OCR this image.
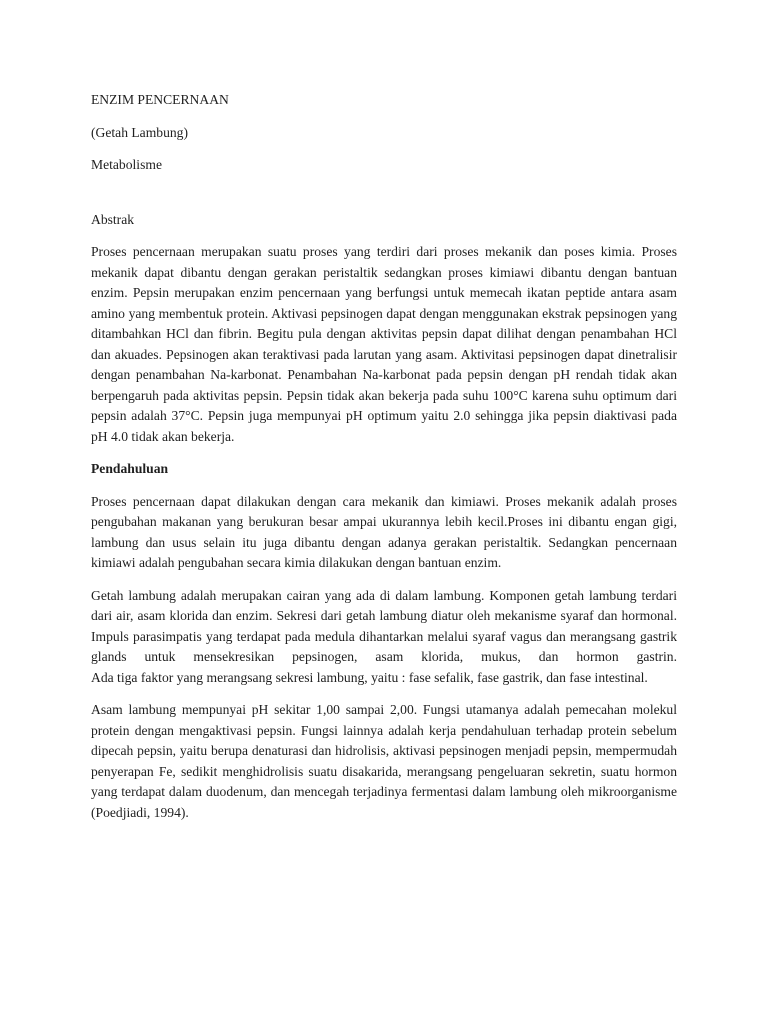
ENZIM PENCERNAAN
(Getah Lambung)
Metabolisme
Abstrak

Proses pencernaan merupakan suatu proses yang terdiri dari proses mekanik dan poses kimia. Proses mekanik dapat dibantu dengan gerakan peristaltik sedangkan proses kimiawi dibantu dengan bantuan enzim. Pepsin merupakan enzim pencernaan yang berfungsi untuk memecah ikatan peptide antara asam amino yang membentuk protein. Aktivasi pepsinogen dapat dengan menggunakan ekstrak pepsinogen yang ditambahkan HCl dan fibrin. Begitu pula dengan aktivitas pepsin dapat dilihat dengan penambahan HCl dan akuades. Pepsinogen akan teraktivasi pada larutan yang asam. Aktivitasi pepsinogen dapat dinetralisir dengan penambahan Na-karbonat. Penambahan Na-karbonat pada pepsin dengan pH rendah tidak akan berpengaruh pada aktivitas pepsin. Pepsin tidak akan bekerja pada suhu 100°C karena suhu optimum dari pepsin adalah 37°C. Pepsin juga mempunyai pH optimum yaitu 2.0 sehingga jika pepsin diaktivasi pada pH 4.0 tidak akan bekerja.

Pendahuluan

Proses pencernaan dapat dilakukan dengan cara mekanik dan kimiawi. Proses mekanik adalah proses pengubahan makanan yang berukuran besar ampai ukurannya lebih kecil.Proses ini dibantu engan gigi, lambung dan usus selain itu juga dibantu dengan adanya gerakan peristaltik. Sedangkan pencernaan kimiawi adalah pengubahan secara kimia dilakukan dengan bantuan enzim.

Getah lambung adalah merupakan cairan yang ada di dalam lambung. Komponen getah lambung terdari dari air, asam klorida dan enzim. Sekresi dari getah lambung diatur oleh mekanisme syaraf dan hormonal. Impuls parasimpatis yang terdapat pada medula dihantarkan melalui syaraf vagus dan merangsang gastrik glands untuk mensekresikan pepsinogen, asam klorida, mukus, dan hormon gastrin.

Ada tiga faktor yang merangsang sekresi lambung, yaitu : fase sefalik, fase gastrik, dan fase intestinal.

Asam lambung mempunyai pH sekitar 1,00 sampai 2,00. Fungsi utamanya adalah pemecahan molekul protein dengan mengaktivasi pepsin. Fungsi lainnya adalah kerja pendahuluan terhadap protein sebelum dipecah pepsin, yaitu berupa denaturasi dan hidrolisis, aktivasi pepsinogen menjadi pepsin, mempermudah penyerapan Fe, sedikit menghidrolisis suatu disakarida, merangsang pengeluaran sekretin, suatu hormon yang terdapat dalam duodenum, dan mencegah terjadinya fermentasi dalam lambung oleh mikroorganisme (Poedjiadi, 1994).
